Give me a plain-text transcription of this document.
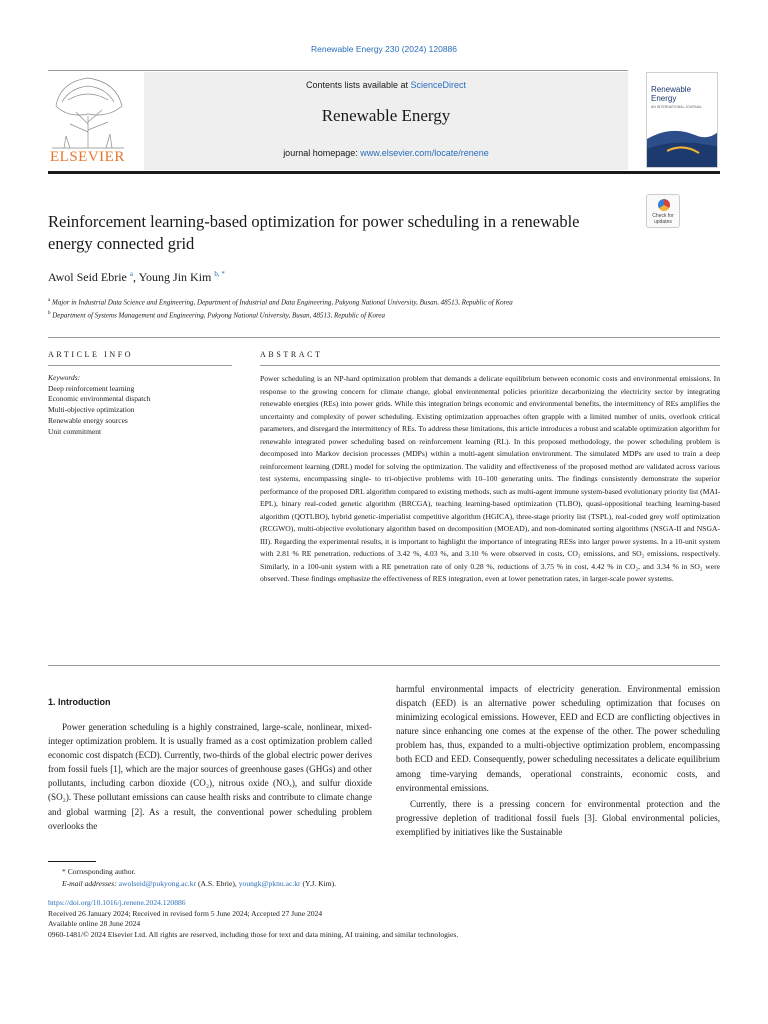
Renewable Energy 230 (2024) 120886
ELSEVIER
Contents lists available at ScienceDirect
Renewable Energy
journal homepage: www.elsevier.com/locate/renene
Renewable Energy
AN INTERNATIONAL JOURNAL
Reinforcement learning-based optimization for power scheduling in a renewable energy connected grid
Check for updates
Awol Seid Ebrie $^a$, Young Jin Kim $^{b, *}$
$^a$ Major in Industrial Data Science and Engineering, Department of Industrial and Data Engineering, Pukyong National University, Busan, 48513, Republic of Korea
$^b$ Department of Systems Management and Engineering, Pukyong National University, Busan, 48513, Republic of Korea
ARTICLE INFO
Keywords:
Deep reinforcement learning
Economic environmental dispatch
Multi-objective optimization
Renewable energy sources
Unit commitment
ABSTRACT
Power scheduling is an NP-hard optimization problem that demands a delicate equilibrium between economic costs and environmental emissions. In response to the growing concern for climate change, global environmental policies prioritize decarbonizing the electricity sector by integrating renewable energies (REs) into power grids. While this integration brings economic and environmental benefits, the intermittency of REs amplifies the uncertainty and complexity of power scheduling. Existing optimization approaches often grapple with a limited number of units, overlook critical parameters, and disregard the intermittency of REs. To address these limitations, this article introduces a robust and scalable optimization algorithm for renewable integrated power scheduling based on reinforcement learning (RL). In this proposed methodology, the power scheduling problem is decomposed into Markov decision processes (MDPs) within a multi-agent simulation environment. The simulated MDPs are used to train a deep reinforcement learning (DRL) model for solving the optimization. The validity and effectiveness of the proposed method are validated across various test systems, encompassing single- to tri-objective problems with 10–100 generating units. The findings consistently demonstrate the superior performance of the proposed DRL algorithm compared to existing methods, such as multi-agent immune system-based evolutionary priority list (MAI-EPL), binary real-coded genetic algorithm (BRCGA), teaching learning-based optimization (TLBO), quasi-oppositional teaching learning-based algorithm (QOTLBO), hybrid genetic-imperialist competitive algorithm (HGICA), three-stage priority list (TSPL), real-coded grey wolf optimization (RCGWO), multi-objective evolutionary algorithm based on decomposition (MOEAD), and non-dominated sorting algorithms (NSGA-II and NSGA-III). Regarding the experimental results, it is important to highlight the importance of integrating RESs into larger power systems. In a 10-unit system with 2.81 % RE penetration, reductions of 3.42 %, 4.03 %, and 3.10 % were observed in costs, CO₂ emissions, and SO₂ emissions, respectively. Similarly, in a 100-unit system with a RE penetration rate of only 0.28 %, reductions of 3.75 % in cost, 4.42 % in CO₂, and 3.34 % in SO₂ were observed. These findings emphasize the effectiveness of RES integration, even at lower penetration rates, in larger-scale power systems.
1. Introduction

Power generation scheduling is a highly constrained, large-scale, nonlinear, mixed-integer optimization problem. It is usually framed as a cost optimization problem called economic cost dispatch (ECD). Currently, two-thirds of the global electric power derives from fossil fuels [1], which are the major sources of greenhouse gases (GHGs) and other pollutants, including carbon dioxide (CO₂), nitrous oxide (NOₓ), and sulfur dioxide (SO₂). These pollutant emissions can cause health risks and contribute to climate change and global warming [2]. As a result, the conventional power scheduling problem overlooks the

harmful environmental impacts of electricity generation. Environmental emission dispatch (EED) is an alternative power scheduling optimization that focuses on minimizing ecological emissions. However, EED and ECD are conflicting objectives in nature since enhancing one comes at the expense of the other. The power scheduling problem has, thus, expanded to a multi-objective optimization problem, encompassing both ECD and EED. Consequently, power scheduling necessitates a delicate equilibrium among time-varying demands, operational constraints, economic costs, and environmental emissions.

Currently, there is a pressing concern for environmental protection and the progressive depletion of traditional fossil fuels [3]. Global environmental policies, exemplified by initiatives like the Sustainable

* Corresponding author.
E-mail addresses: awolseid@pukyong.ac.kr (A.S. Ebrie), youngk@pknu.ac.kr (Y.J. Kim).
https://doi.org/10.1016/j.renene.2024.120886
Received 26 January 2024; Received in revised form 5 June 2024; Accepted 27 June 2024
Available online 28 June 2024
0960-1481/© 2024 Elsevier Ltd. All rights are reserved, including those for text and data mining, AI training, and similar technologies.
